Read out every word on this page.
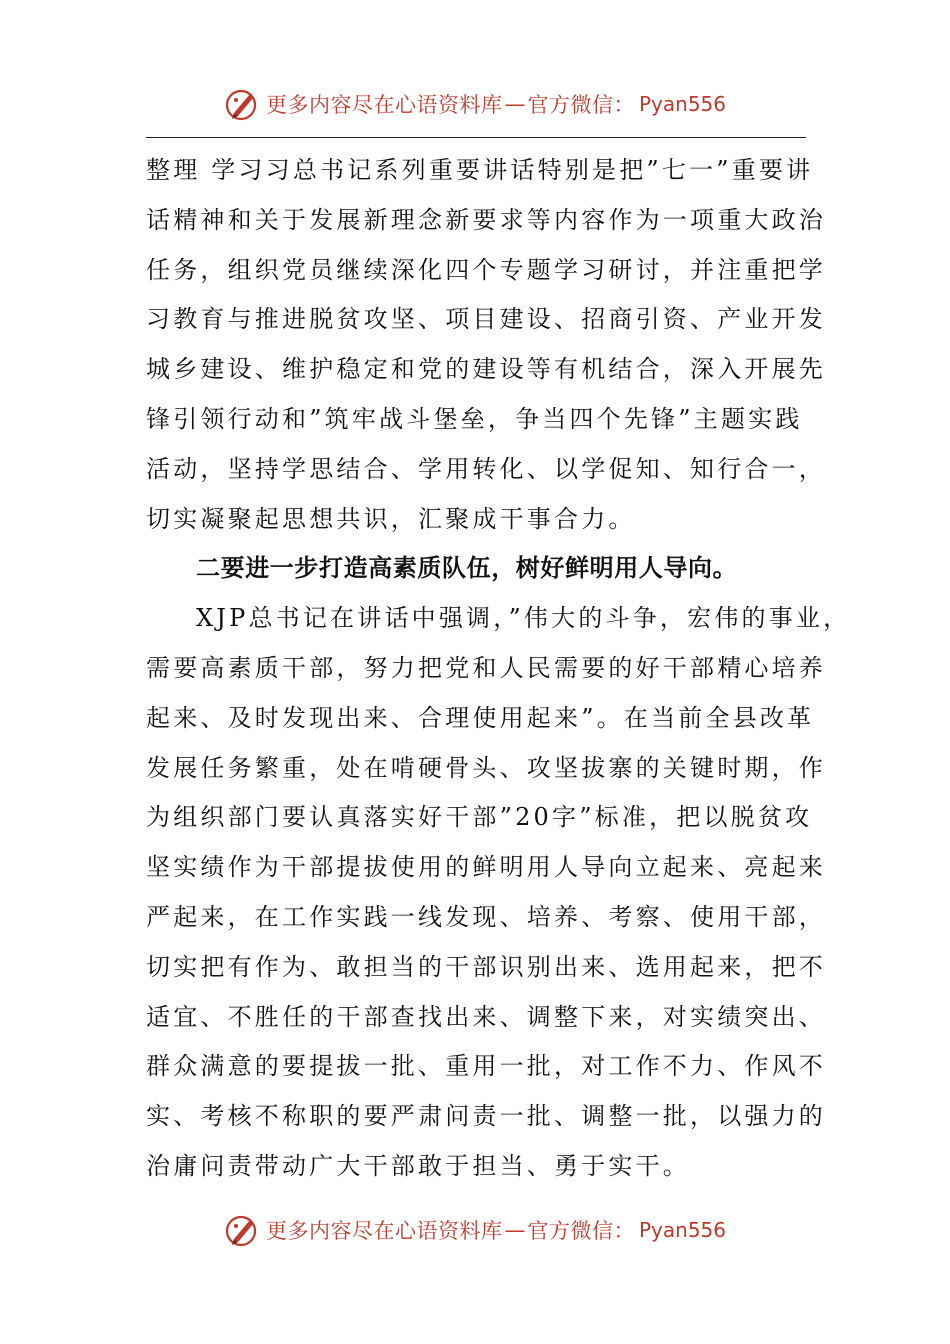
更多内容尽在心语资料库 — 官方微信： Pyan556
整理 学习习总书记系列重要讲话特别是把”七一”重要讲
话精神和关于发展新理念新要求等内容作为一项重大政治
任务，组织党员继续深化四个专题学习研讨，并注重把学
习教育与推进脱贫攻坚、项目建设、招商引资、产业开发
城乡建设、维护稳定和党的建设等有机结合，深入开展先
锋引领行动和”筑牢战斗堡垒，争当四个先锋”主题实践
活动，坚持学思结合、学用转化、以学促知、知行合一，
切实凝聚起思想共识，汇聚成干事合力。
二要进一步打造高素质队伍，树好鲜明用人导向。
XJP总书记在讲话中强调，”伟大的斗争，宏伟的事业，
需要高素质干部，努力把党和人民需要的好干部精心培养
起来、及时发现出来、合理使用起来”。在当前全县改革
发展任务繁重，处在啃硬骨头、攻坚拔寨的关键时期，作
为组织部门要认真落实好干部”20字”标准，把以脱贫攻
坚实绩作为干部提拔使用的鲜明用人导向立起来、亮起来
严起来，在工作实践一线发现、培养、考察、使用干部，
切实把有作为、敢担当的干部识别出来、选用起来，把不
适宜、不胜任的干部查找出来、调整下来，对实绩突出、
群众满意的要提拔一批、重用一批，对工作不力、作风不
实、考核不称职的要严肃问责一批、调整一批，以强力的
治庸问责带动广大干部敢于担当、勇于实干。
更多内容尽在心语资料库 — 官方微信： Pyan556
